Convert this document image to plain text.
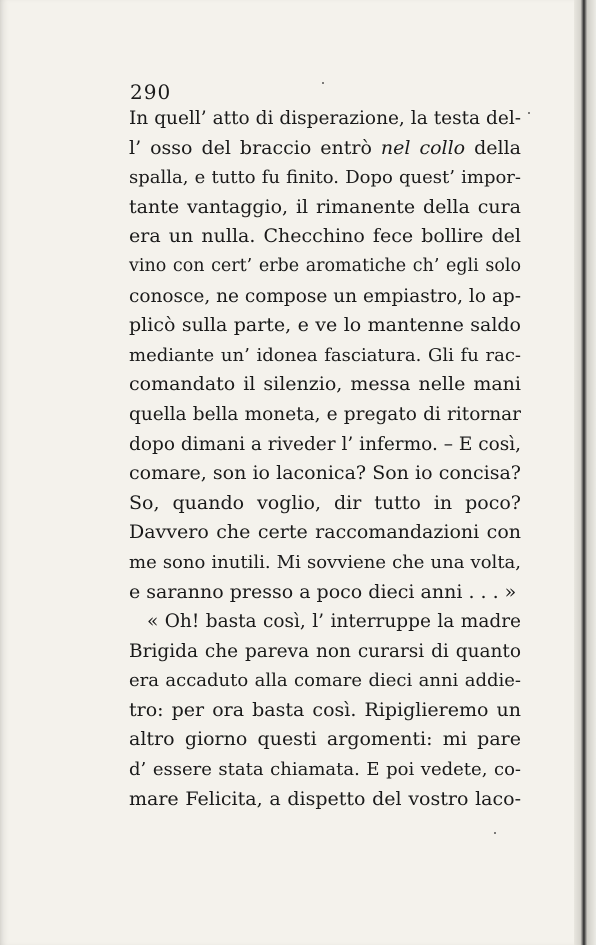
290
In quell’ atto di disperazione, la testa del-
l’ osso del braccio entrò nel collo della
spalla, e tutto fu finito. Dopo quest’ impor-
tante vantaggio, il rimanente della cura
era un nulla. Checchino fece bollire del
vino con cert’ erbe aromatiche ch’ egli solo
conosce, ne compose un empiastro, lo ap-
plicò sulla parte, e ve lo mantenne saldo
mediante un’ idonea fasciatura. Gli fu rac-
comandato il silenzio, messa nelle mani
quella bella moneta, e pregato di ritornar
dopo dimani a riveder l’ infermo. – E così,
comare, son io laconica? Son io concisa?
So, quando voglio, dir tutto in poco?
Davvero che certe raccomandazioni con
me sono inutili. Mi sovviene che una volta,
e saranno presso a poco dieci anni . . . »
« Oh! basta così, l’ interruppe la madre
Brigida che pareva non curarsi di quanto
era accaduto alla comare dieci anni addie-
tro: per ora basta così. Ripiglieremo un
altro giorno questi argomenti: mi pare
d’ essere stata chiamata. E poi vedete, co-
mare Felicita, a dispetto del vostro laco-
